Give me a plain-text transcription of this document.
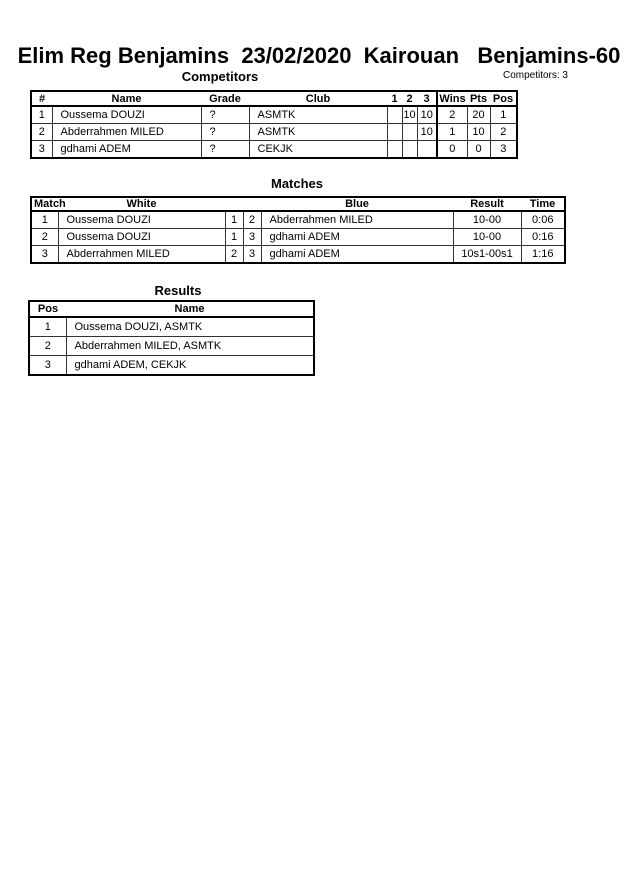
Elim Reg Benjamins  23/02/2020  Kairouan   Benjamins-60
Competitors	Competitors: 3
#	Name	Grade	Club	1	2	3	Wins	Pts	Pos
1	Oussema DOUZI	?	ASMTK		10	10	2	20	1
2	Abderrahmen MILED	?	ASMTK			10	1	10	2
3	gdhami ADEM	?	CEKJK				0	0	3
Matches
Match	White			Blue	Result	Time
1	Oussema DOUZI	1	2	Abderrahmen MILED	10-00	0:06
2	Oussema DOUZI	1	3	gdhami ADEM	10-00	0:16
3	Abderrahmen MILED	2	3	gdhami ADEM	10s1-00s1	1:16
Results
Pos	Name
1	Oussema DOUZI, ASMTK
2	Abderrahmen MILED, ASMTK
3	gdhami ADEM, CEKJK
